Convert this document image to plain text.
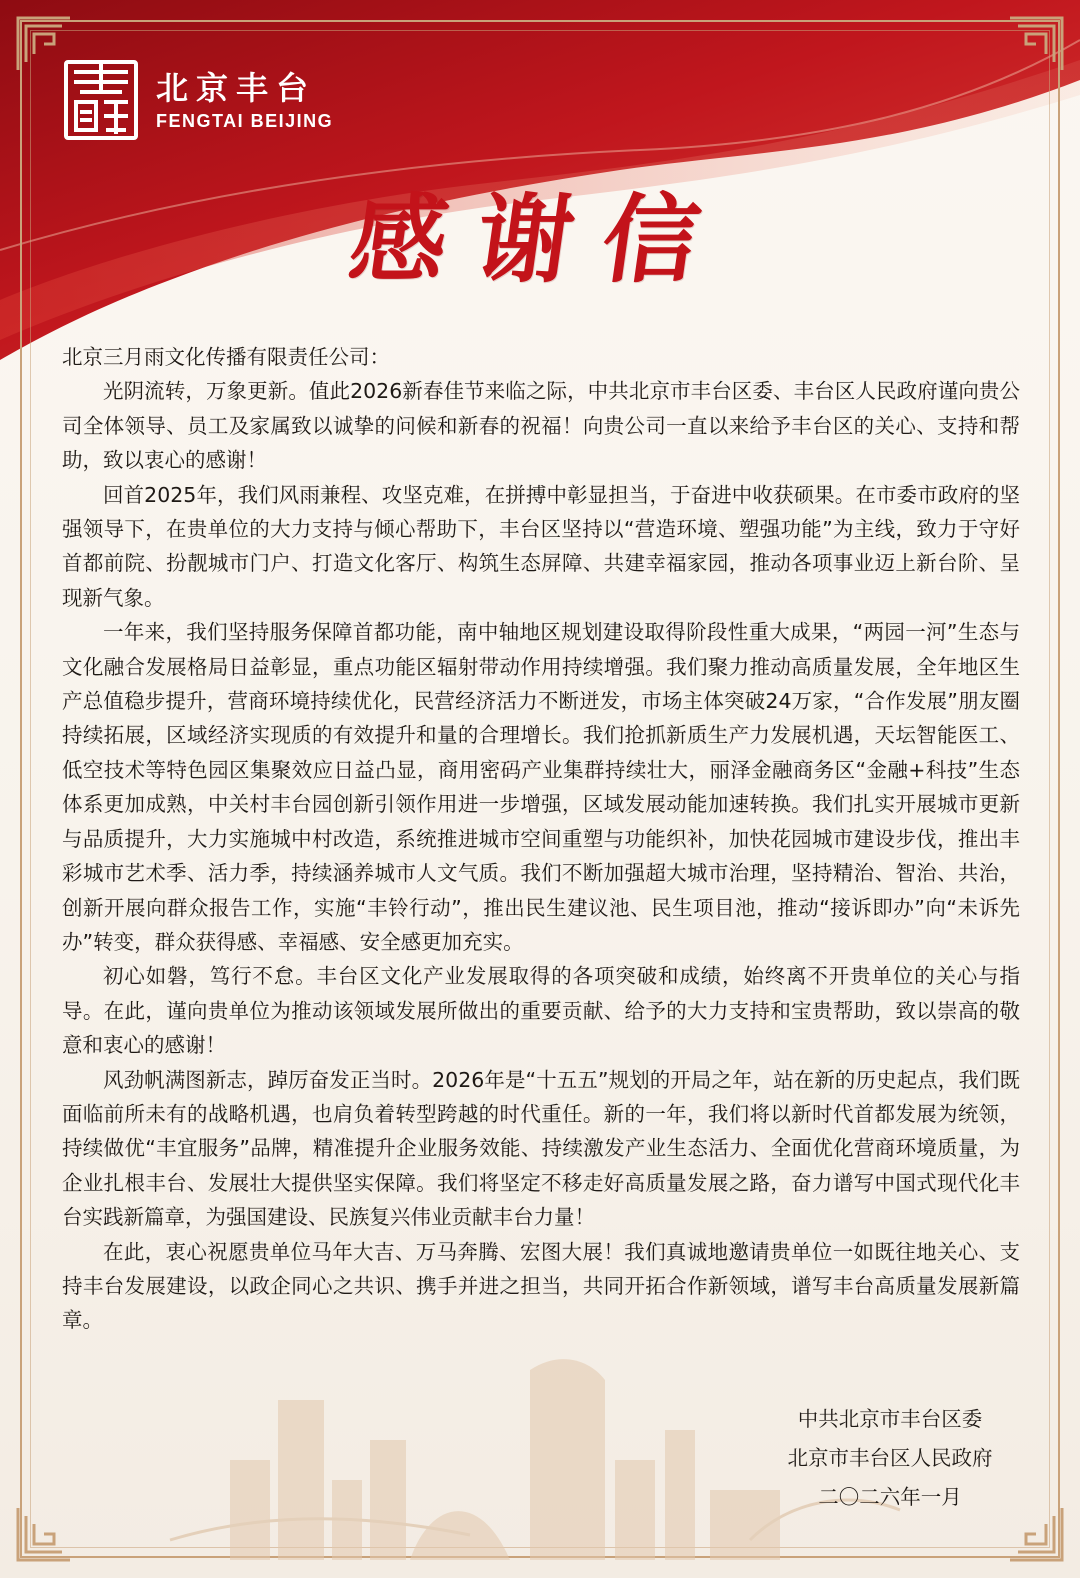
北京丰台
FENGTAI BEIJING
感谢信

北京三月雨文化传播有限责任公司：

光阴流转，万象更新。值此2026新春佳节来临之际，中共北京市丰台区委、丰台区人民政府谨向贵公司全体领导、员工及家属致以诚挚的问候和新春的祝福！向贵公司一直以来给予丰台区的关心、支持和帮助，致以衷心的感谢！

回首2025年，我们风雨兼程、攻坚克难，在拼搏中彰显担当，于奋进中收获硕果。在市委市政府的坚强领导下，在贵单位的大力支持与倾心帮助下，丰台区坚持以“营造环境、塑强功能”为主线，致力于守好首都前院、扮靓城市门户、打造文化客厅、构筑生态屏障、共建幸福家园，推动各项事业迈上新台阶、呈现新气象。

一年来，我们坚持服务保障首都功能，南中轴地区规划建设取得阶段性重大成果，“两园一河”生态与文化融合发展格局日益彰显，重点功能区辐射带动作用持续增强。我们聚力推动高质量发展，全年地区生产总值稳步提升，营商环境持续优化，民营经济活力不断迸发，市场主体突破24万家，“合作发展”朋友圈持续拓展，区域经济实现质的有效提升和量的合理增长。我们抢抓新质生产力发展机遇，天坛智能医工、低空技术等特色园区集聚效应日益凸显，商用密码产业集群持续壮大，丽泽金融商务区“金融+科技”生态体系更加成熟，中关村丰台园创新引领作用进一步增强，区域发展动能加速转换。我们扎实开展城市更新与品质提升，大力实施城中村改造，系统推进城市空间重塑与功能织补，加快花园城市建设步伐，推出丰彩城市艺术季、活力季，持续涵养城市人文气质。我们不断加强超大城市治理，坚持精治、智治、共治，创新开展向群众报告工作，实施“丰铃行动”，推出民生建议池、民生项目池，推动“接诉即办”向“未诉先办”转变，群众获得感、幸福感、安全感更加充实。

初心如磐，笃行不怠。丰台区文化产业发展取得的各项突破和成绩，始终离不开贵单位的关心与指导。在此，谨向贵单位为推动该领域发展所做出的重要贡献、给予的大力支持和宝贵帮助，致以崇高的敬意和衷心的感谢！

风劲帆满图新志，踔厉奋发正当时。2026年是“十五五”规划的开局之年，站在新的历史起点，我们既面临前所未有的战略机遇，也肩负着转型跨越的时代重任。新的一年，我们将以新时代首都发展为统领，持续做优“丰宜服务”品牌，精准提升企业服务效能、持续激发产业生态活力、全面优化营商环境质量，为企业扎根丰台、发展壮大提供坚实保障。我们将坚定不移走好高质量发展之路，奋力谱写中国式现代化丰台实践新篇章，为强国建设、民族复兴伟业贡献丰台力量！

在此，衷心祝愿贵单位马年大吉、万马奔腾、宏图大展！我们真诚地邀请贵单位一如既往地关心、支持丰台发展建设，以政企同心之共识、携手并进之担当，共同开拓合作新领域，谱写丰台高质量发展新篇章。

中共北京市丰台区委
北京市丰台区人民政府
二〇二六年一月
